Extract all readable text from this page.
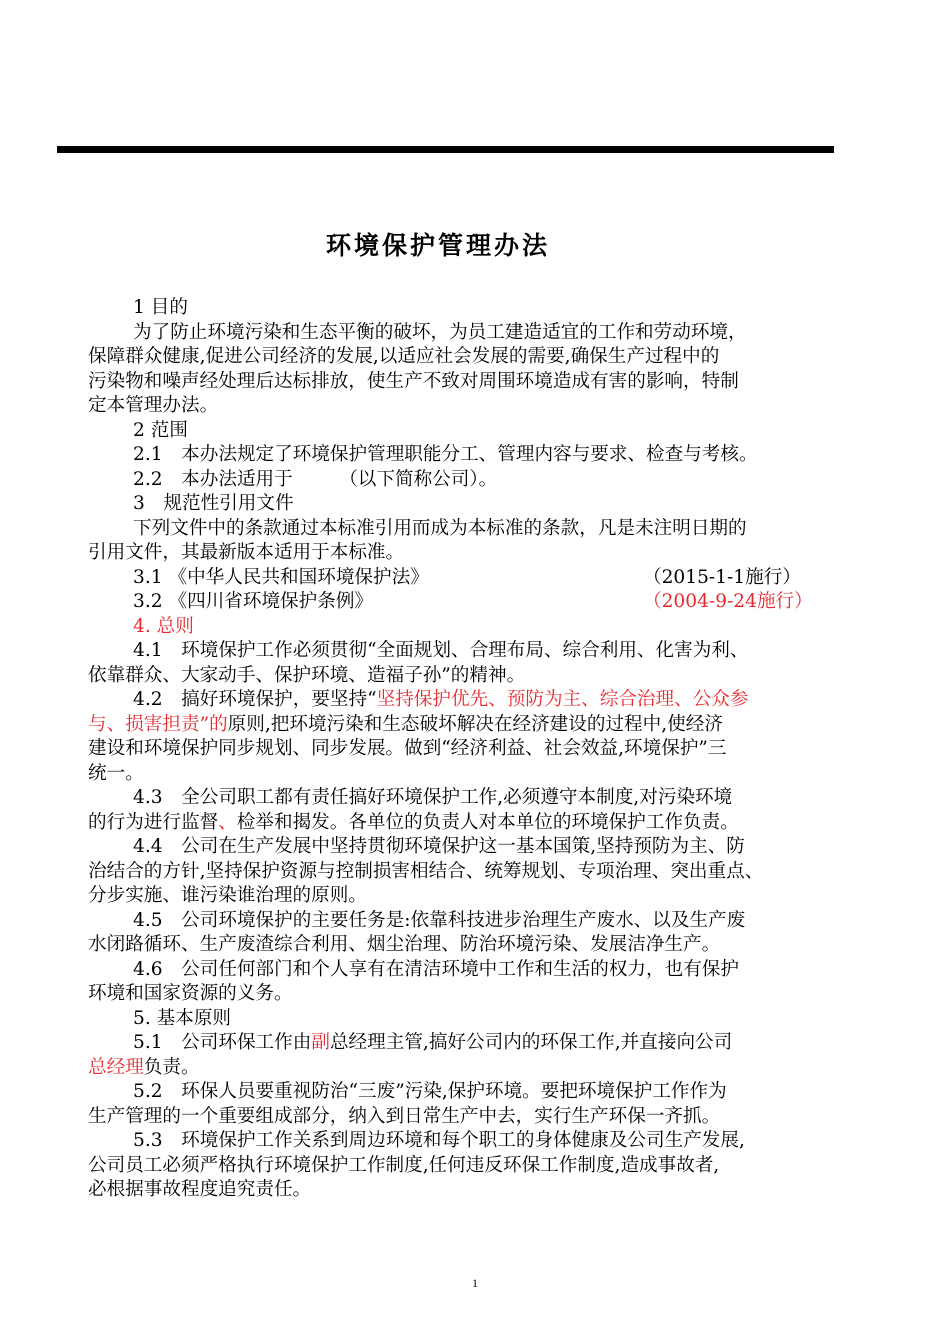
环境保护管理办法
1 目的
为了防止环境污染和生态平衡的破坏，为员工建造适宜的工作和劳动环境，
保障群众健康,促进公司经济的发展,以适应社会发展的需要,确保生产过程中的
污染物和噪声经处理后达标排放，使生产不致对周围环境造成有害的影响，特制
定本管理办法。
2 范围
2.1　本办法规定了环境保护管理职能分工、管理内容与要求、检查与考核。
2.2　本办法适用于　　　（以下简称公司）。
3　规范性引用文件
下列文件中的条款通过本标准引用而成为本标准的条款，凡是未注明日期的
引用文件，其最新版本适用于本标准。
3.1 《中华人民共和国环境保护法》	（2015-1-1施行）
3.2 《四川省环境保护条例》	（2004-9-24施行）
4. 总则
4.1　环境保护工作必须贯彻“全面规划、合理布局、综合利用、化害为利、
依靠群众、大家动手、保护环境、造福子孙”的精神。
4.2　搞好环境保护，要坚持“坚持保护优先、预防为主、综合治理、公众参
与、损害担责”的原则,把环境污染和生态破坏解决在经济建设的过程中,使经济
建设和环境保护同步规划、同步发展。做到“经济利益、社会效益,环境保护”三
统一。
4.3　全公司职工都有责任搞好环境保护工作,必须遵守本制度,对污染环境
的行为进行监督、检举和揭发。各单位的负责人对本单位的环境保护工作负责。
4.4　公司在生产发展中坚持贯彻环境保护这一基本国策,坚持预防为主、防
治结合的方针,坚持保护资源与控制损害相结合、统筹规划、专项治理、突出重点、
分步实施、谁污染谁治理的原则。
4.5　公司环境保护的主要任务是:依靠科技进步治理生产废水、以及生产废
水闭路循环、生产废渣综合利用、烟尘治理、防治环境污染、发展洁净生产。
4.6　公司任何部门和个人享有在清洁环境中工作和生活的权力，也有保护
环境和国家资源的义务。
5. 基本原则
5.1　公司环保工作由副总经理主管,搞好公司内的环保工作,并直接向公司
总经理负责。
5.2　环保人员要重视防治“三废”污染,保护环境。要把环境保护工作作为
生产管理的一个重要组成部分，纳入到日常生产中去，实行生产环保一齐抓。
5.3　环境保护工作关系到周边环境和每个职工的身体健康及公司生产发展,
公司员工必须严格执行环境保护工作制度,任何违反环保工作制度,造成事故者,
必根据事故程度追究责任。
1
